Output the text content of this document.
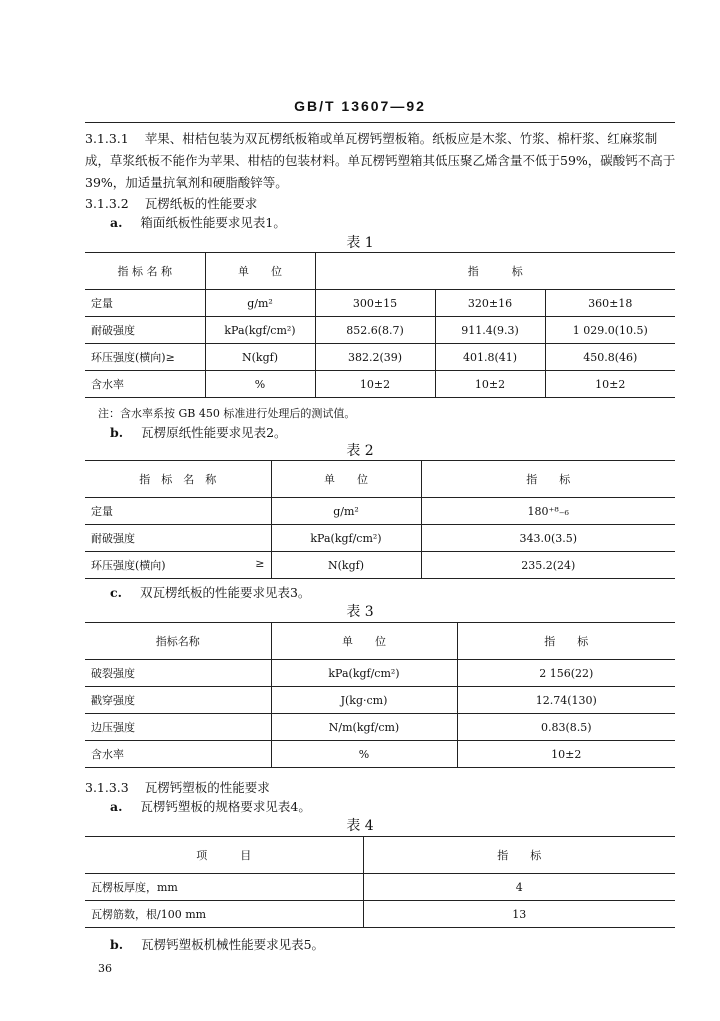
GB/T 13607—92
3.1.3.1 苹果、柑桔包装为双瓦楞纸板箱或单瓦楞钙塑板箱。纸板应是木浆、竹浆、棉杆浆、红麻浆制成，草浆纸板不能作为苹果、柑桔的包装材料。单瓦楞钙塑箱其低压聚乙烯含量不低于59%，碳酸钙不高于39%，加适量抗氧剂和硬脂酸锌等。
3.1.3.2 瓦楞纸板的性能要求
a. 箱面纸板性能要求见表1。
表 1
指 标 名 称	单　　位	指　　　标		
定量	g/m²	300±15	320±16	360±18
耐破强度	kPa(kgf/cm²)	852.6(8.7)	911.4(9.3)	1 029.0(10.5)
环压强度(横向)≥	N(kgf)	382.2(39)	401.8(41)	450.8(46)
含水率	%	10±2	10±2	10±2
注：含水率系按 GB 450 标准进行处理后的测试值。
b. 瓦楞原纸性能要求见表2。
表 2
指　标　名　称	单　　位	指　　标
定量	g/m²	180⁺⁸₋₆
耐破强度	kPa(kgf/cm²)	343.0(3.5)
环压强度(横向) ≥	N(kgf)	235.2(24)
c. 双瓦楞纸板的性能要求见表3。
表 3
指标名称	单　　位	指　　标
破裂强度	kPa(kgf/cm²)	2 156(22)
戳穿强度	J(kg·cm)	12.74(130)
边压强度	N/m(kgf/cm)	0.83(8.5)
含水率	%	10±2
3.1.3.3 瓦楞钙塑板的性能要求
a. 瓦楞钙塑板的规格要求见表4。
表 4
项　　　目	指　　标
瓦楞板厚度，mm	4
瓦楞筋数，根/100 mm	13
b. 瓦楞钙塑板机械性能要求见表5。
36
